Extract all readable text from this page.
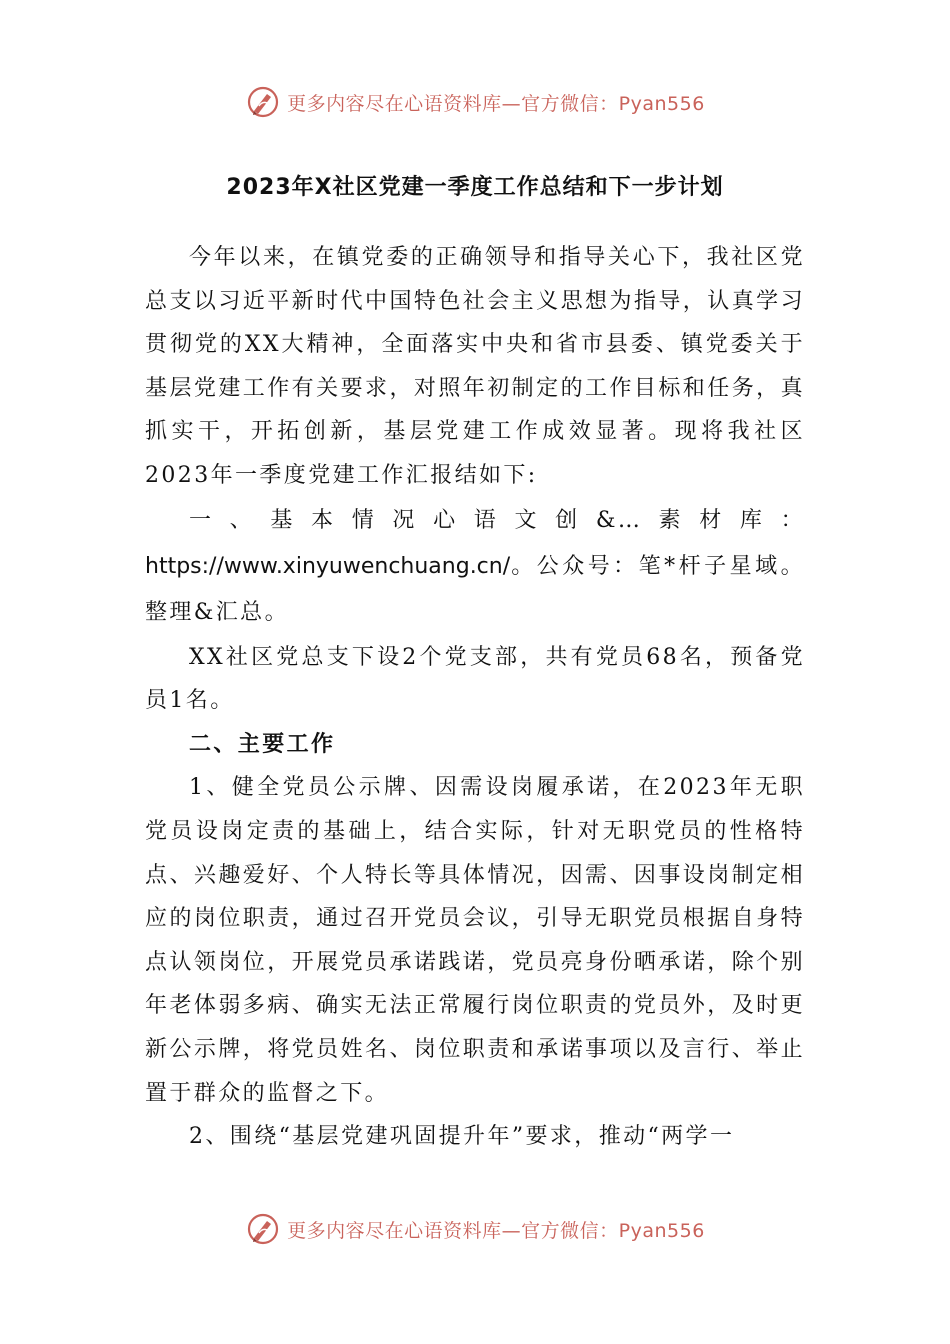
更多内容尽在心语资料库—官方微信：Pyan556
2023年X社区党建一季度工作总结和下一步计划

今年以来，在镇党委的正确领导和指导关心下，我社区党总支以习近平新时代中国特色社会主义思想为指导，认真学习贯彻党的XX大精神，全面落实中央和省市县委、镇党委关于基层党建工作有关要求，对照年初制定的工作目标和任务，真抓实干，开拓创新，基层党建工作成效显著。现将我社区2023年一季度党建工作汇报结如下:

一、基本情况心语文创&…素材库：https://www.xinyuwenchuang.cn/。公众号：笔*杆子星域。整理&汇总。

XX社区党总支下设2个党支部，共有党员68名，预备党员1名。

二、主要工作

1、健全党员公示牌、因需设岗履承诺，在2023年无职党员设岗定责的基础上，结合实际，针对无职党员的性格特点、兴趣爱好、个人特长等具体情况，因需、因事设岗制定相应的岗位职责，通过召开党员会议，引导无职党员根据自身特点认领岗位，开展党员承诺践诺，党员亮身份晒承诺，除个别年老体弱多病、确实无法正常履行岗位职责的党员外，及时更新公示牌，将党员姓名、岗位职责和承诺事项以及言行、举止置于群众的监督之下。

2、围绕“基层党建巩固提升年”要求，推动“两学一

更多内容尽在心语资料库—官方微信：Pyan556
